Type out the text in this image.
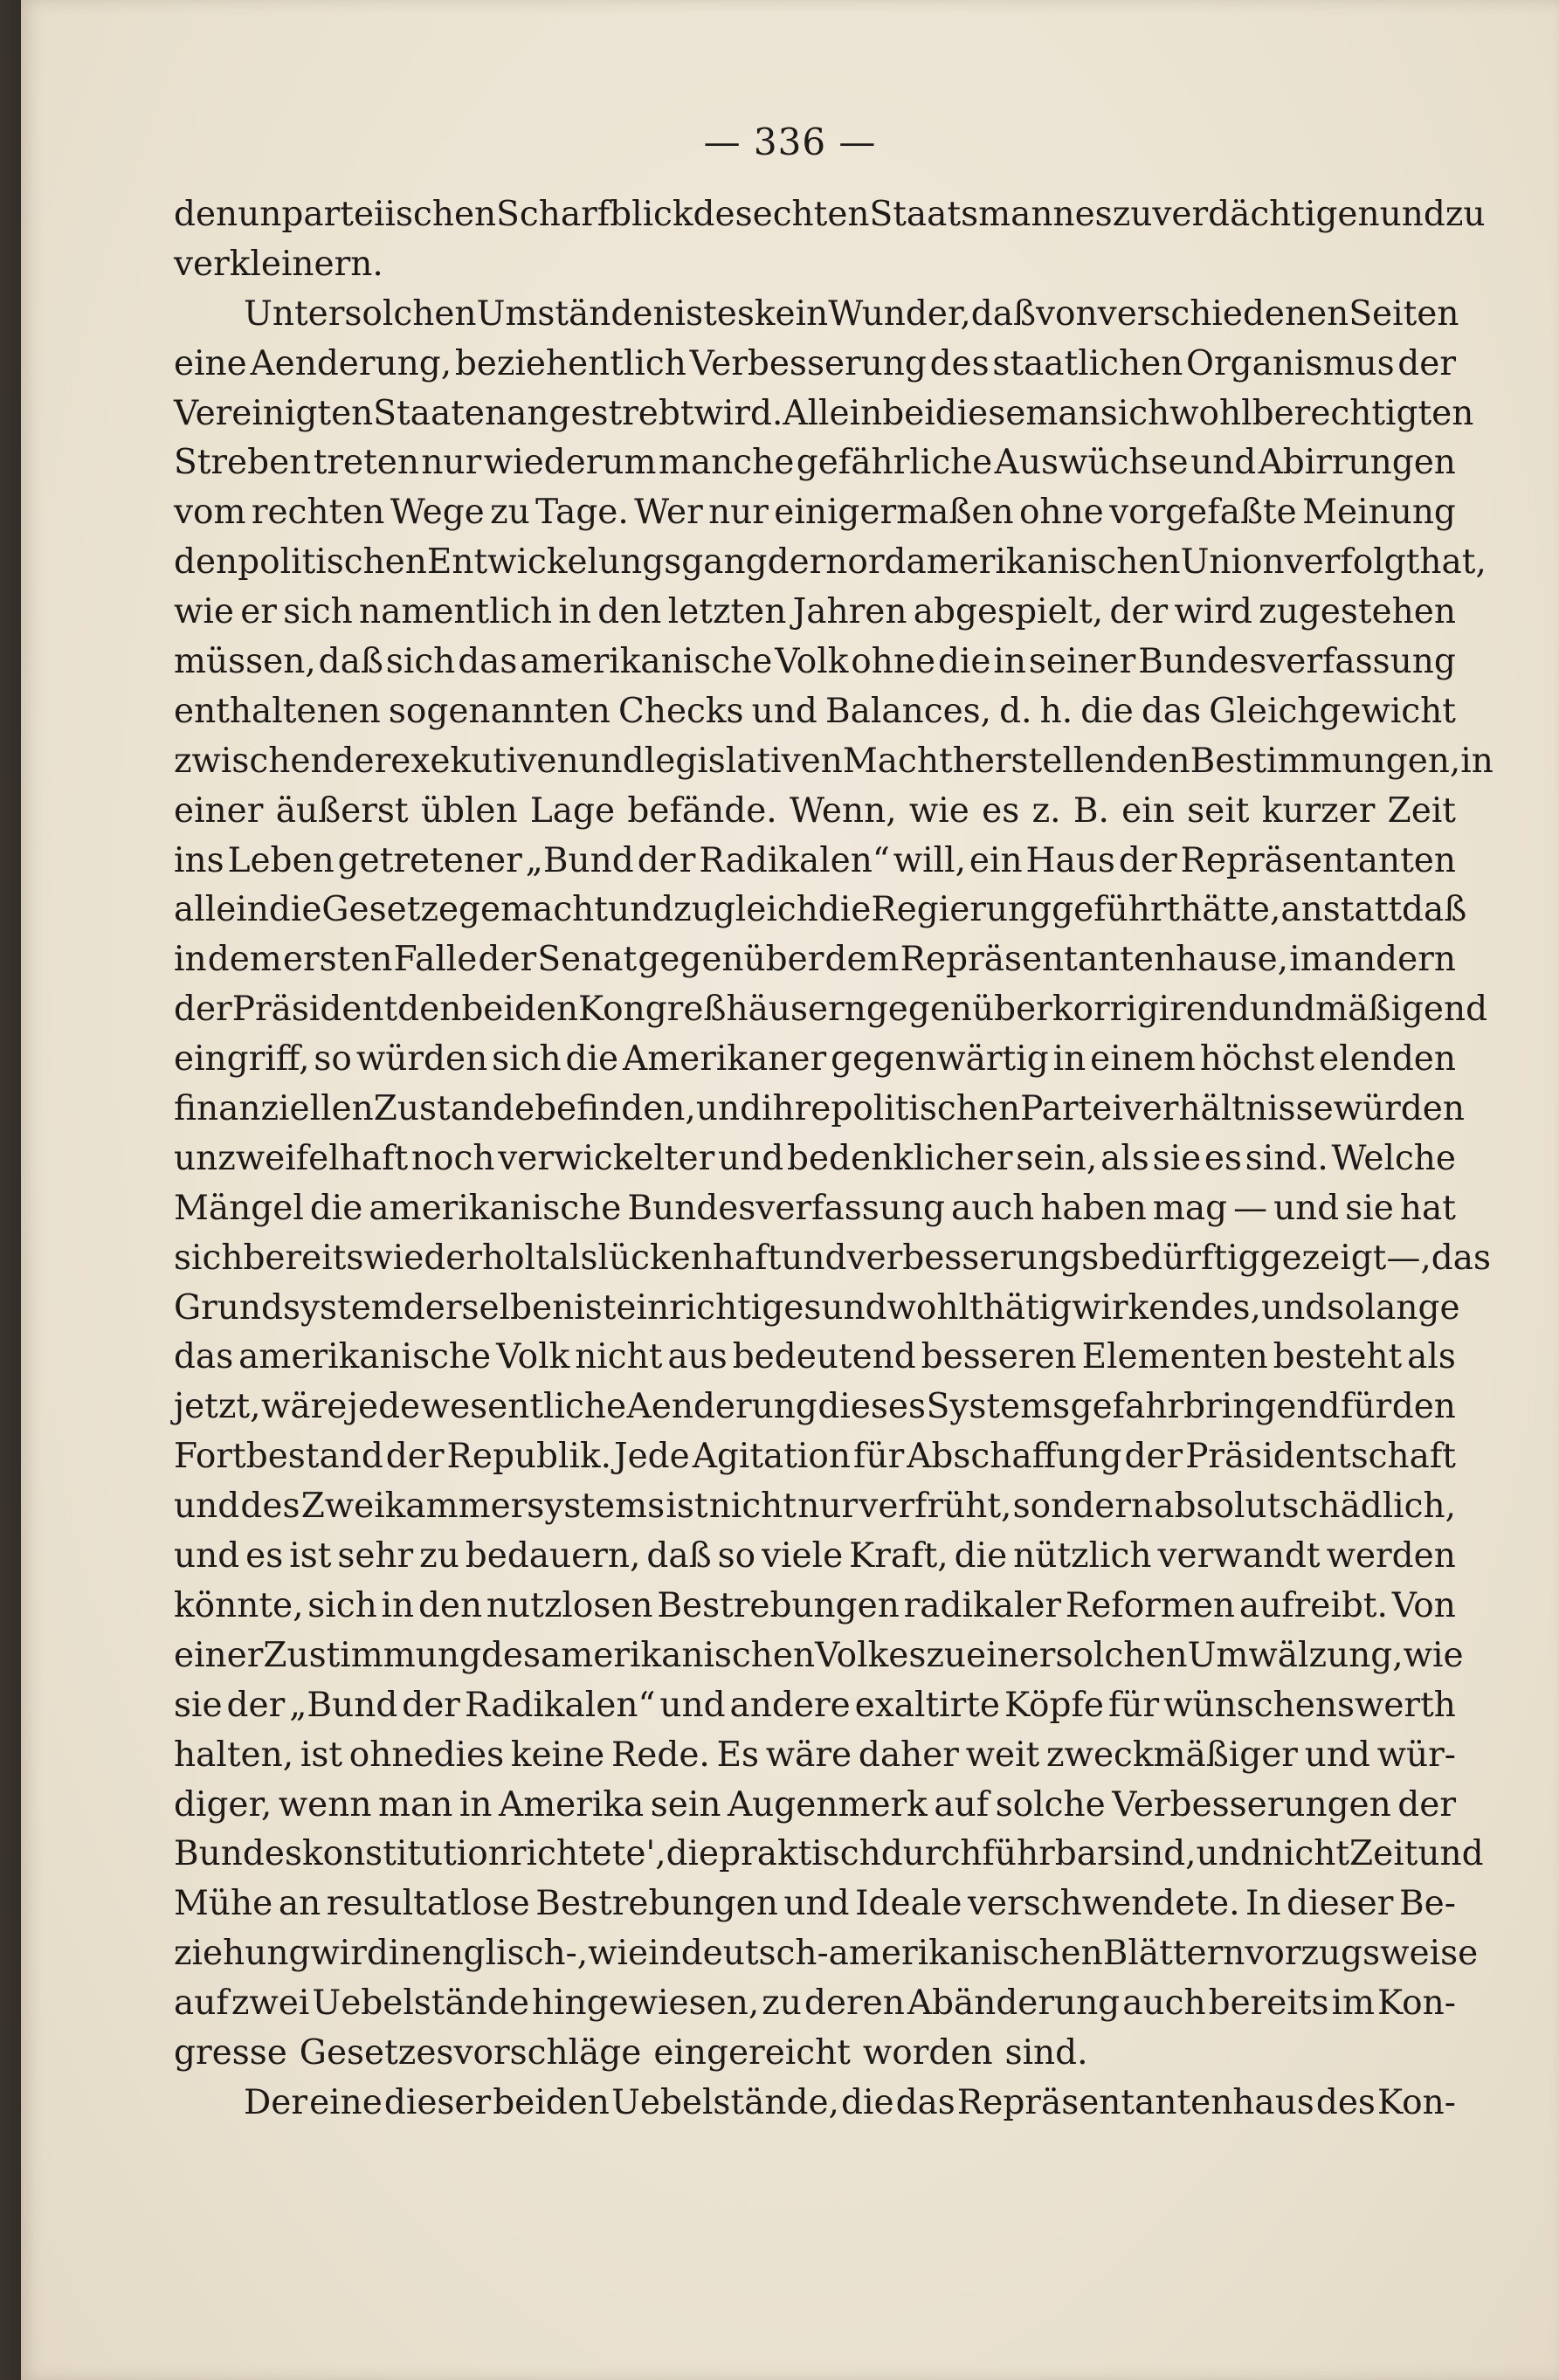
— 336 —
den unparteiischen Scharfblick des echten Staatsmannes zu verdächtigen und zu
verkleinern.
Unter solchen Umständen ist es kein Wunder, daß von verschiedenen Seiten
eine Aenderung, beziehentlich Verbesserung des staatlichen Organismus der
Vereinigten Staaten angestrebt wird. Allein bei diesem an sich wohlberechtigten
Streben treten nur wiederum manche gefährliche Auswüchse und Abirrungen
vom rechten Wege zu Tage. Wer nur einigermaßen ohne vorgefaßte Meinung
den politischen Entwickelungsgang der nordamerikanischen Union verfolgt hat,
wie er sich namentlich in den letzten Jahren abgespielt, der wird zugestehen
müssen, daß sich das amerikanische Volk ohne die in seiner Bundesverfassung
enthaltenen sogenannten Checks und Balances, d. h. die das Gleichgewicht
zwischen der exekutiven und legislativen Macht herstellenden Bestimmungen, in
einer äußerst üblen Lage befände. Wenn, wie es z. B. ein seit kurzer Zeit
ins Leben getretener „Bund der Radikalen“ will, ein Haus der Repräsentanten
allein die Gesetze gemacht und zugleich die Regierung geführt hätte, anstatt daß
in dem ersten Falle der Senat gegenüber dem Repräsentantenhause, im andern
der Präsident den beiden Kongreßhäusern gegenüber korrigirend und mäßigend
eingriff, so würden sich die Amerikaner gegenwärtig in einem höchst elenden
finanziellen Zustande befinden, und ihre politischen Parteiverhältnisse würden
unzweifelhaft noch verwickelter und bedenklicher sein, als sie es sind. Welche
Mängel die amerikanische Bundesverfassung auch haben mag — und sie hat
sich bereits wiederholt als lückenhaft und verbesserungsbedürftig gezeigt —, das
Grundsystem derselben ist ein richtiges und wohlthätig wirkendes, und so lange
das amerikanische Volk nicht aus bedeutend besseren Elementen besteht als
jetzt, wäre jede wesentliche Aenderung dieses Systems gefahrbringend für den
Fortbestand der Republik. Jede Agitation für Abschaffung der Präsidentschaft
und des Zweikammersystems ist nicht nur verfrüht, sondern absolut schädlich,
und es ist sehr zu bedauern, daß so viele Kraft, die nützlich verwandt werden
könnte, sich in den nutzlosen Bestrebungen radikaler Reformen aufreibt. Von
einer Zustimmung des amerikanischen Volkes zu einer solchen Umwälzung, wie
sie der „Bund der Radikalen“ und andere exaltirte Köpfe für wünschenswerth
halten, ist ohnedies keine Rede. Es wäre daher weit zweckmäßiger und wür-
diger, wenn man in Amerika sein Augenmerk auf solche Verbesserungen der
Bundeskonstitution richtete', die praktisch durchführbar sind, und nicht Zeit und
Mühe an resultatlose Bestrebungen und Ideale verschwendete. In dieser Be-
ziehung wird in englisch-, wie in deutsch-amerikanischen Blättern vorzugsweise
auf zwei Uebelstände hingewiesen, zu deren Abänderung auch bereits im Kon-
gresse Gesetzesvorschläge eingereicht worden sind.
Der eine dieser beiden Uebelstände, die das Repräsentantenhaus des Kon-
